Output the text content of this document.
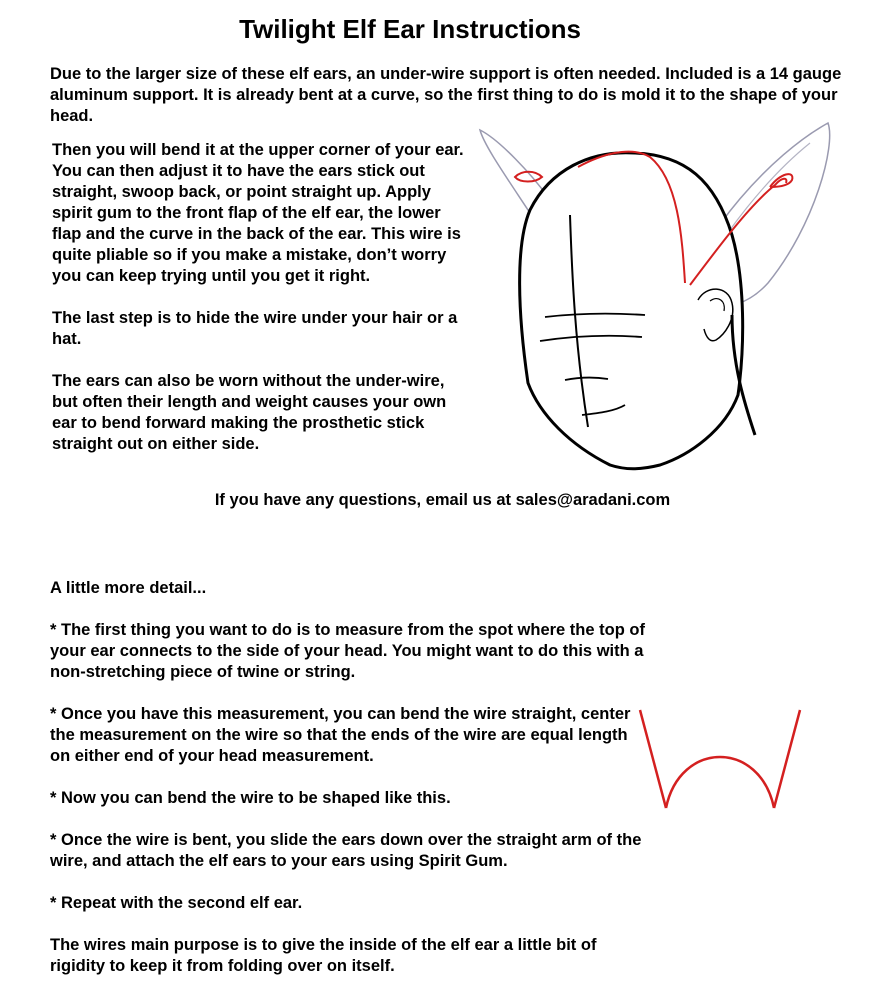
Twilight Elf Ear Instructions

Due to the larger size of these elf ears, an under-wire support is often needed. Included is a 14 gauge aluminum support. It is already bent at a curve, so the first thing to do is mold it to the shape of your head.

Then you will bend it at the upper corner of your ear. You can then adjust it to have the ears stick out straight, swoop back, or point straight up. Apply spirit gum to the front flap of the elf ear, the lower flap and the curve in the back of the ear. This wire is quite pliable so if you make a mistake, don’t worry you can keep trying until you get it right.

The last step is to hide the wire under your hair or a hat.

The ears can also be worn without the under-wire, but often their length and weight causes your own ear to bend forward making the prosthetic stick straight out on either side.

If you have any questions, email us at sales@aradani.com

A little more detail...

* The first thing you want to do is to measure from the spot where the top of your ear connects to the side of your head. You might want to do this with a non-stretching piece of twine or string.

* Once you have this measurement, you can bend the wire straight, center the measurement on the wire so that the ends of the wire are equal length on either end of your head measurement.

* Now you can bend the wire to be shaped like this.

* Once the wire is bent, you slide the ears down over the straight arm of the wire, and attach the elf ears to your ears using Spirit Gum.

* Repeat with the second elf ear.

The wires main purpose is to give the inside of the elf ear a little bit of rigidity to keep it from folding over on itself.
